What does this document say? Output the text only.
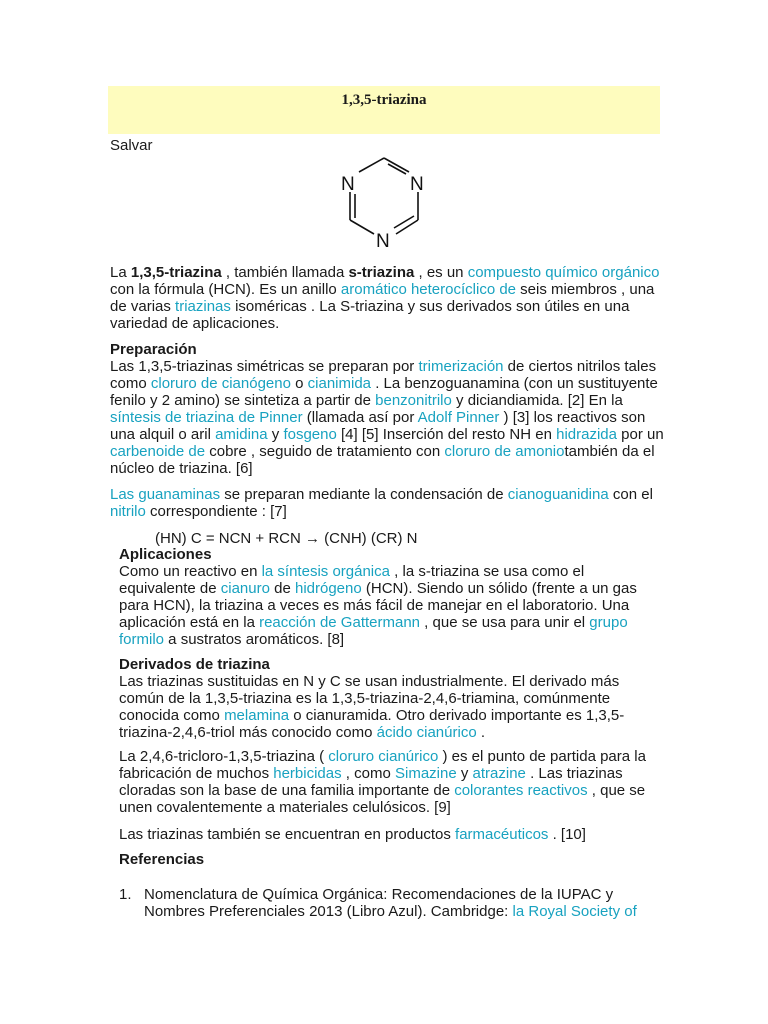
1,3,5-triazina
Salvar
N	N
N

La 1,3,5-triazina , también llamada s-triazina , es un compuesto químico orgánico con la fórmula (HCN). Es un anillo aromático heterocíclico de seis miembros , una de varias triazinas isoméricas . La S-triazina y sus derivados son útiles en una variedad de aplicaciones.

Preparación

Las 1,3,5-triazinas simétricas se preparan por trimerización de ciertos nitrilos tales como cloruro de cianógeno o cianimida . La benzoguanamina (con un sustituyente fenilo y 2 amino) se sintetiza a partir de benzonitrilo y diciandiamida. [2] En la síntesis de triazina de Pinner (llamada así por Adolf Pinner ) [3] los reactivos son una alquil o aril amidina y fosgeno [4] [5] Inserción del resto NH en hidrazida por un carbenoide de cobre , seguido de tratamiento con cloruro de amoniotambién da el núcleo de triazina. [6]

Las guanaminas se preparan mediante la condensación de cianoguanidina con el nitrilo correspondiente : [7]

(HN) C = NCN + RCN → (CNH) (CR) N
Aplicaciones

Como un reactivo en la síntesis orgánica , la s-triazina se usa como el equivalente de cianuro de hidrógeno (HCN). Siendo un sólido (frente a un gas para HCN), la triazina a veces es más fácil de manejar en el laboratorio. Una aplicación está en la reacción de Gattermann , que se usa para unir el grupo formilo a sustratos aromáticos. [8]

Derivados de triazina

Las triazinas sustituidas en N y C se usan industrialmente. El derivado más común de la 1,3,5-triazina es la 1,3,5-triazina-2,4,6-triamina, comúnmente conocida como melamina o cianuramida. Otro derivado importante es 1,3,5-triazina-2,4,6-triol más conocido como ácido cianúrico .

La 2,4,6-tricloro-1,3,5-triazina ( cloruro cianúrico ) es el punto de partida para la fabricación de muchos herbicidas , como Simazine y atrazine . Las triazinas cloradas son la base de una familia importante de colorantes reactivos , que se unen covalentemente a materiales celulósicos. [9]

Las triazinas también se encuentran en productos farmacéuticos . [10]

Referencias
1. Nomenclatura de Química Orgánica: Recomendaciones de la IUPAC y Nombres Preferenciales 2013 (Libro Azul). Cambridge: la Royal Society of
